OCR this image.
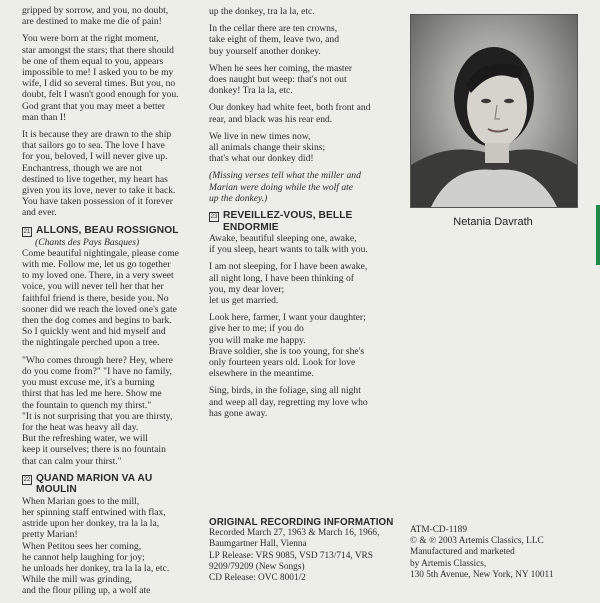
gripped by sorrow, and you, no doubt,
are destined to make me die of pain!

You were born at the right moment,
star amongst the stars; that there should
be one of them equal to you, appears
impossible to me! I asked you to be my
wife, I did so several times. But you, no
doubt, felt I wasn't good enough for you.
God grant that you may meet a better
man than I!

It is because they are drawn to the ship
that sailors go to sea. The love I have
for you, beloved, I will never give up.
Enchantress, though we are not
destined to live together, my heart has
given you its love, never to take it back.
You have taken possession of it forever
and ever.

21 ALLONS, BEAU ROSSIGNOL
(Chants des Pays Basques)

Come beautiful nightingale, please come
with me. Follow me, let us go together
to my loved one. There, in a very sweet
voice, you will never tell her that her
faithful friend is there, beside you. No
sooner did we reach the loved one's gate
then the dog comes and begins to bark.
So I quickly went and hid myself and
the nightingale perched upon a tree.

"Who comes through here? Hey, where
do you come from?" "I have no family,
you must excuse me, it's a burning
thirst that has led me here. Show me
the fountain to quench my thirst."
"It is not surprising that you are thirsty,
for the heat was heavy all day.
But the refreshing water, we will
keep it ourselves; there is no fountain
that can calm your thirst."

22 QUAND MARION VA AU MOULIN

When Marian goes to the mill,
her spinning staff entwined with flax,
astride upon her donkey, tra la la la,
pretty Marian!
When Petitou sees her coming,
he cannot help laughing for joy;
he unloads her donkey, tra la la la, etc.
While the mill was grinding,
and the flour piling up, a wolf ate

up the donkey, tra la la, etc.

In the cellar there are ten crowns,
take eight of them, leave two, and
buy yourself another donkey.

When he sees her coming, the master
does naught but weep: that's not out
donkey! Tra la la, etc.

Our donkey had white feet, both front and
rear, and black was his rear end.

We live in new times now,
all animals change their skins;
that's what our donkey did!

(Missing verses tell what the miller and
Marian were doing while the wolf ate
up the donkey.)

23 REVEILLEZ-VOUS, BELLE
ENDORMIE

Awake, beautiful sleeping one, awake,
if you sleep, heart wants to talk with you.

I am not sleeping, for I have been awake,
all night long, I have been thinking of
you, my dear lover;
let us get married.

Look here, farmer, I want your daughter;
give her to me; if you do
you will make me happy.
Brave soldier, she is too young, for she's
only fourteen years old. Look for love
elsewhere in the meantime.

Sing, birds, in the foliage, sing all night
and weep all day, regretting my love who
has gone away.

Netania Davrath
ORIGINAL RECORDING INFORMATION
Recorded March 27, 1963 & March 16, 1966,
Baumgartner Hall, Vienna
LP Release: VRS 9085, VSD 713/714, VRS
9209/79209 (New Songs)
CD Release: OVC 8001/2
ATM-CD-1189
© & ℗ 2003 Artemis Classics, LLC
Manufactured and marketed
by Artemis Classics,
130 5th Avenue, New York, NY 10011
